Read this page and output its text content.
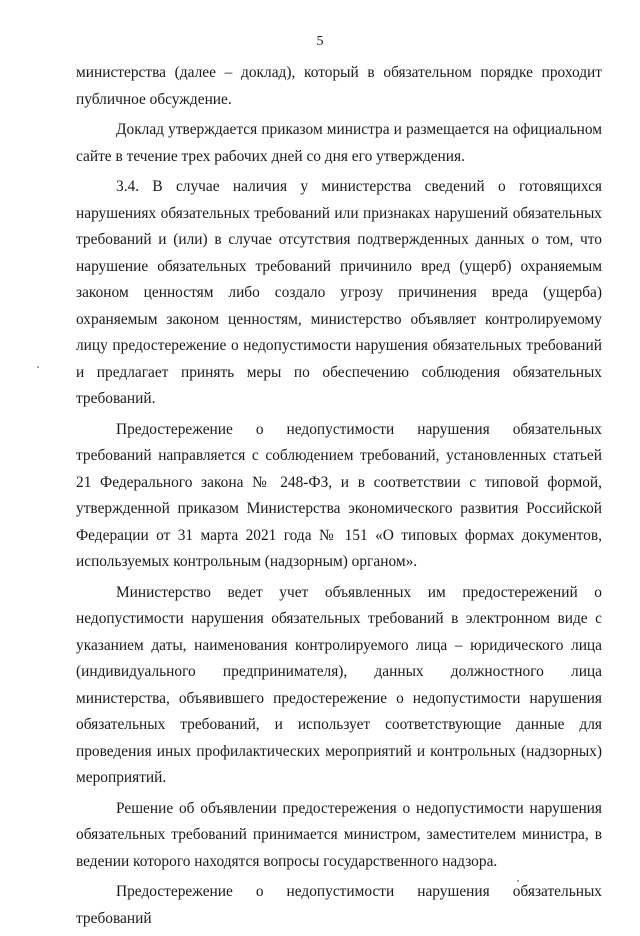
5

министерства (далее – доклад), который в обязательном порядке проходит публичное обсуждение.

Доклад утверждается приказом министра и размещается на официальном сайте в течение трех рабочих дней со дня его утверждения.

3.4. В случае наличия у министерства сведений о готовящихся нарушениях обязательных требований или признаках нарушений обязательных требований и (или) в случае отсутствия подтвержденных данных о том, что нарушение обязательных требований причинило вред (ущерб) охраняемым законом ценностям либо создало угрозу причинения вреда (ущерба) охраняемым законом ценностям, министерство объявляет контролируемому лицу предостережение о недопустимости нарушения обязательных требований и предлагает принять меры по обеспечению соблюдения обязательных требований.

Предостережение о недопустимости нарушения обязательных требований направляется с соблюдением требований, установленных статьей 21 Федерального закона № 248-ФЗ, и в соответствии с типовой формой, утвержденной приказом Министерства экономического развития Российской Федерации от 31 марта 2021 года № 151 «О типовых формах документов, используемых контрольным (надзорным) органом».

Министерство ведет учет объявленных им предостережений о недопустимости нарушения обязательных требований в электронном виде с указанием даты, наименования контролируемого лица – юридического лица (индивидуального предпринимателя), данных должностного лица министерства, объявившего предостережение о недопустимости нарушения обязательных требований, и использует соответствующие данные для проведения иных профилактических мероприятий и контрольных (надзорных) мероприятий.

Решение об объявлении предостережения о недопустимости нарушения обязательных требований принимается министром, заместителем министра, в ведении которого находятся вопросы государственного надзора.

Предостережение о недопустимости нарушения обязательных требований
